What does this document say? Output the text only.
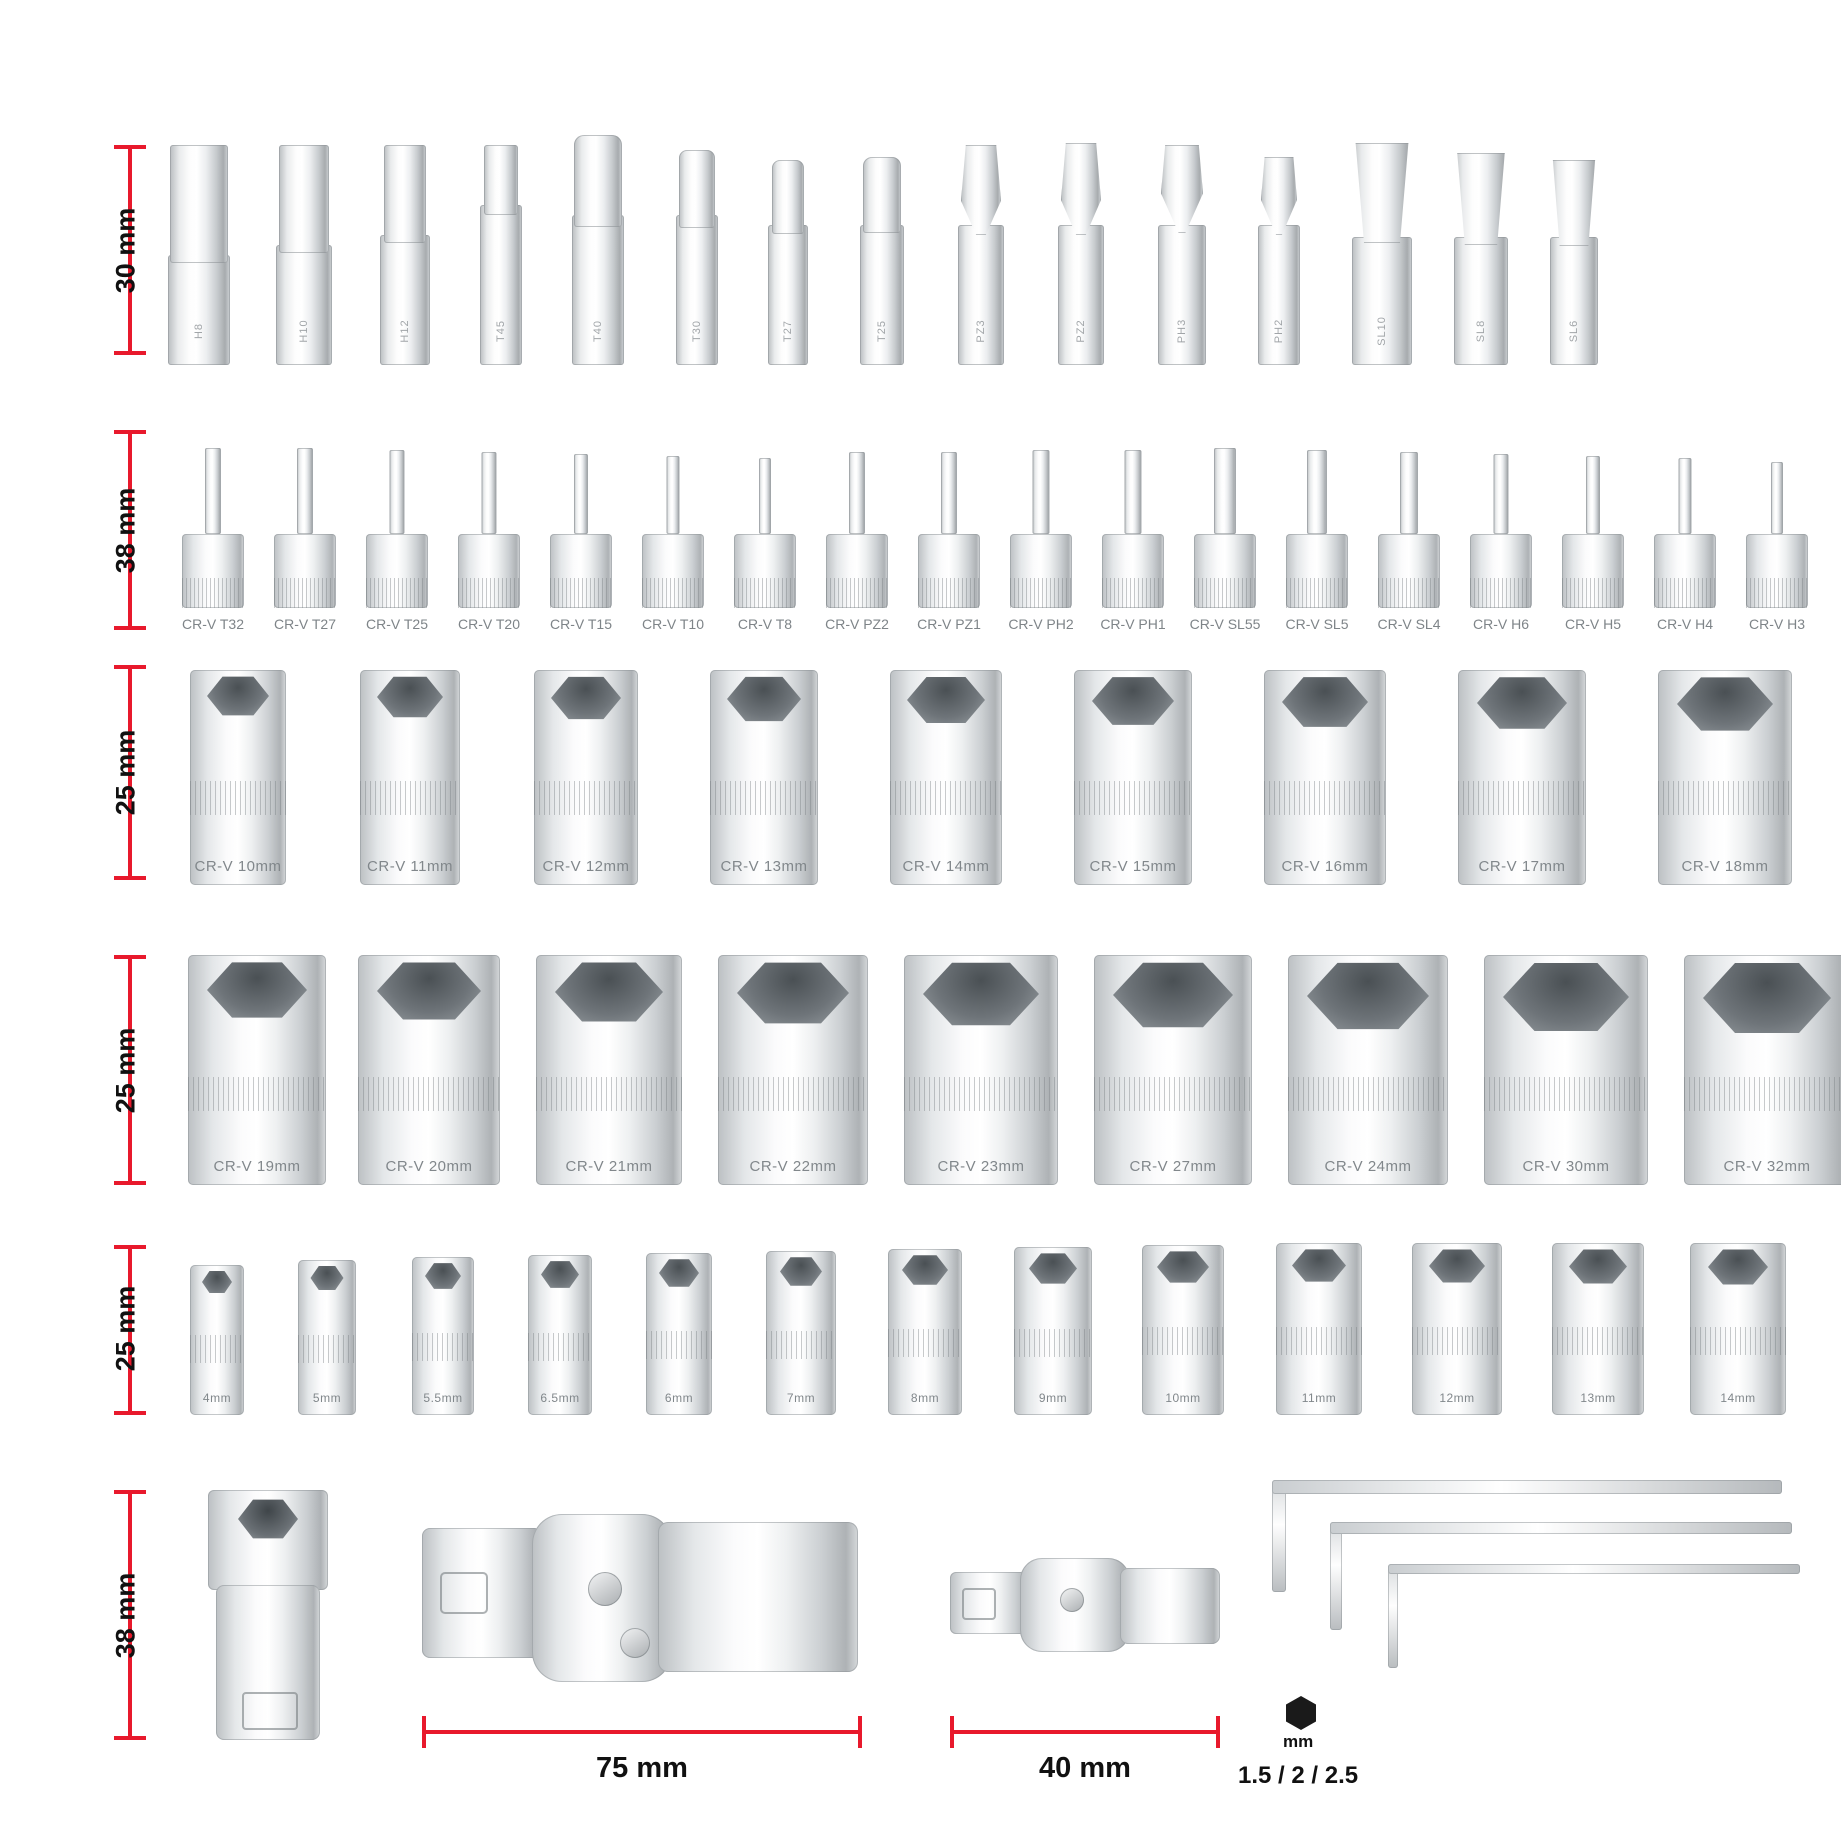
30 mm
H8	H10	H12	T45	T40	T30	T27	T25	PZ3	PZ2	PH3	PH2	SL10	SL8	SL6
38 mm
CR-V T32 CR-V T27 CR-V T25 CR-V T20 CR-V T15 CR-V T10 CR-V T8 CR-V PZ2 CR-V PZ1 CR-V PH2 CR-V PH1 CR-V SL55 CR-V SL5 CR-V SL4 CR-V H6	CR-V H5	CR-V H4	CR-V H3
25 mm
CR-V 10mm	CR-V 11mm	CR-V 12mm	CR-V 13mm	CR-V 14mm	CR-V 15mm	CR-V 16mm	CR-V 17mm	CR-V 18mm
25 mm
CR-V 19mm	CR-V 20mm	CR-V 21mm	CR-V 22mm	CR-V 23mm	CR-V 27mm	CR-V 24mm	CR-V 30mm	CR-V 32mm
25 mm
4mm	5mm	5.5mm	6.5mm	6mm	7mm	8mm	9mm	10mm	11mm	12mm	13mm	14mm
38 mm
75 mm	40 mm
mm
1.5 / 2 / 2.5
